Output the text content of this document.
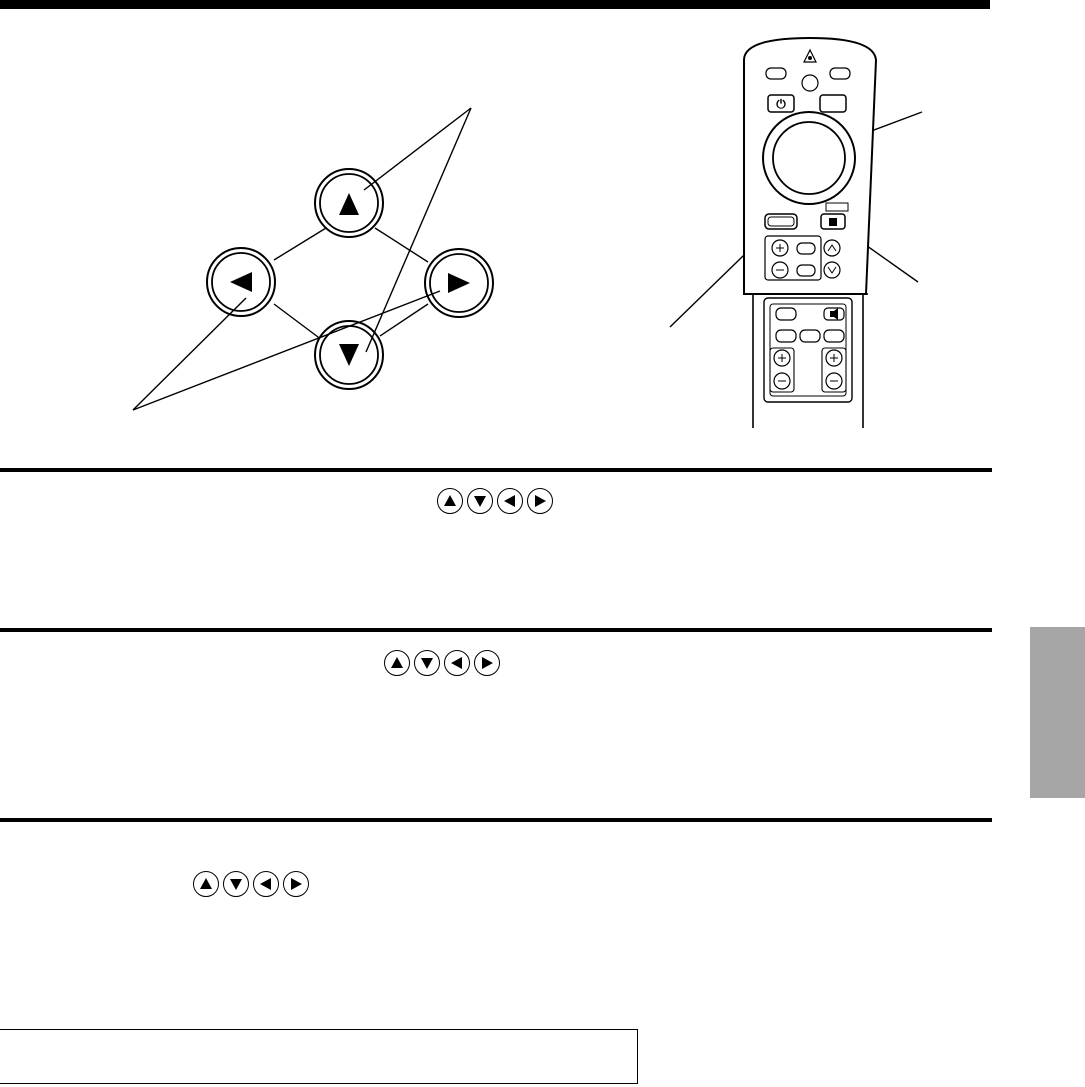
⏻
